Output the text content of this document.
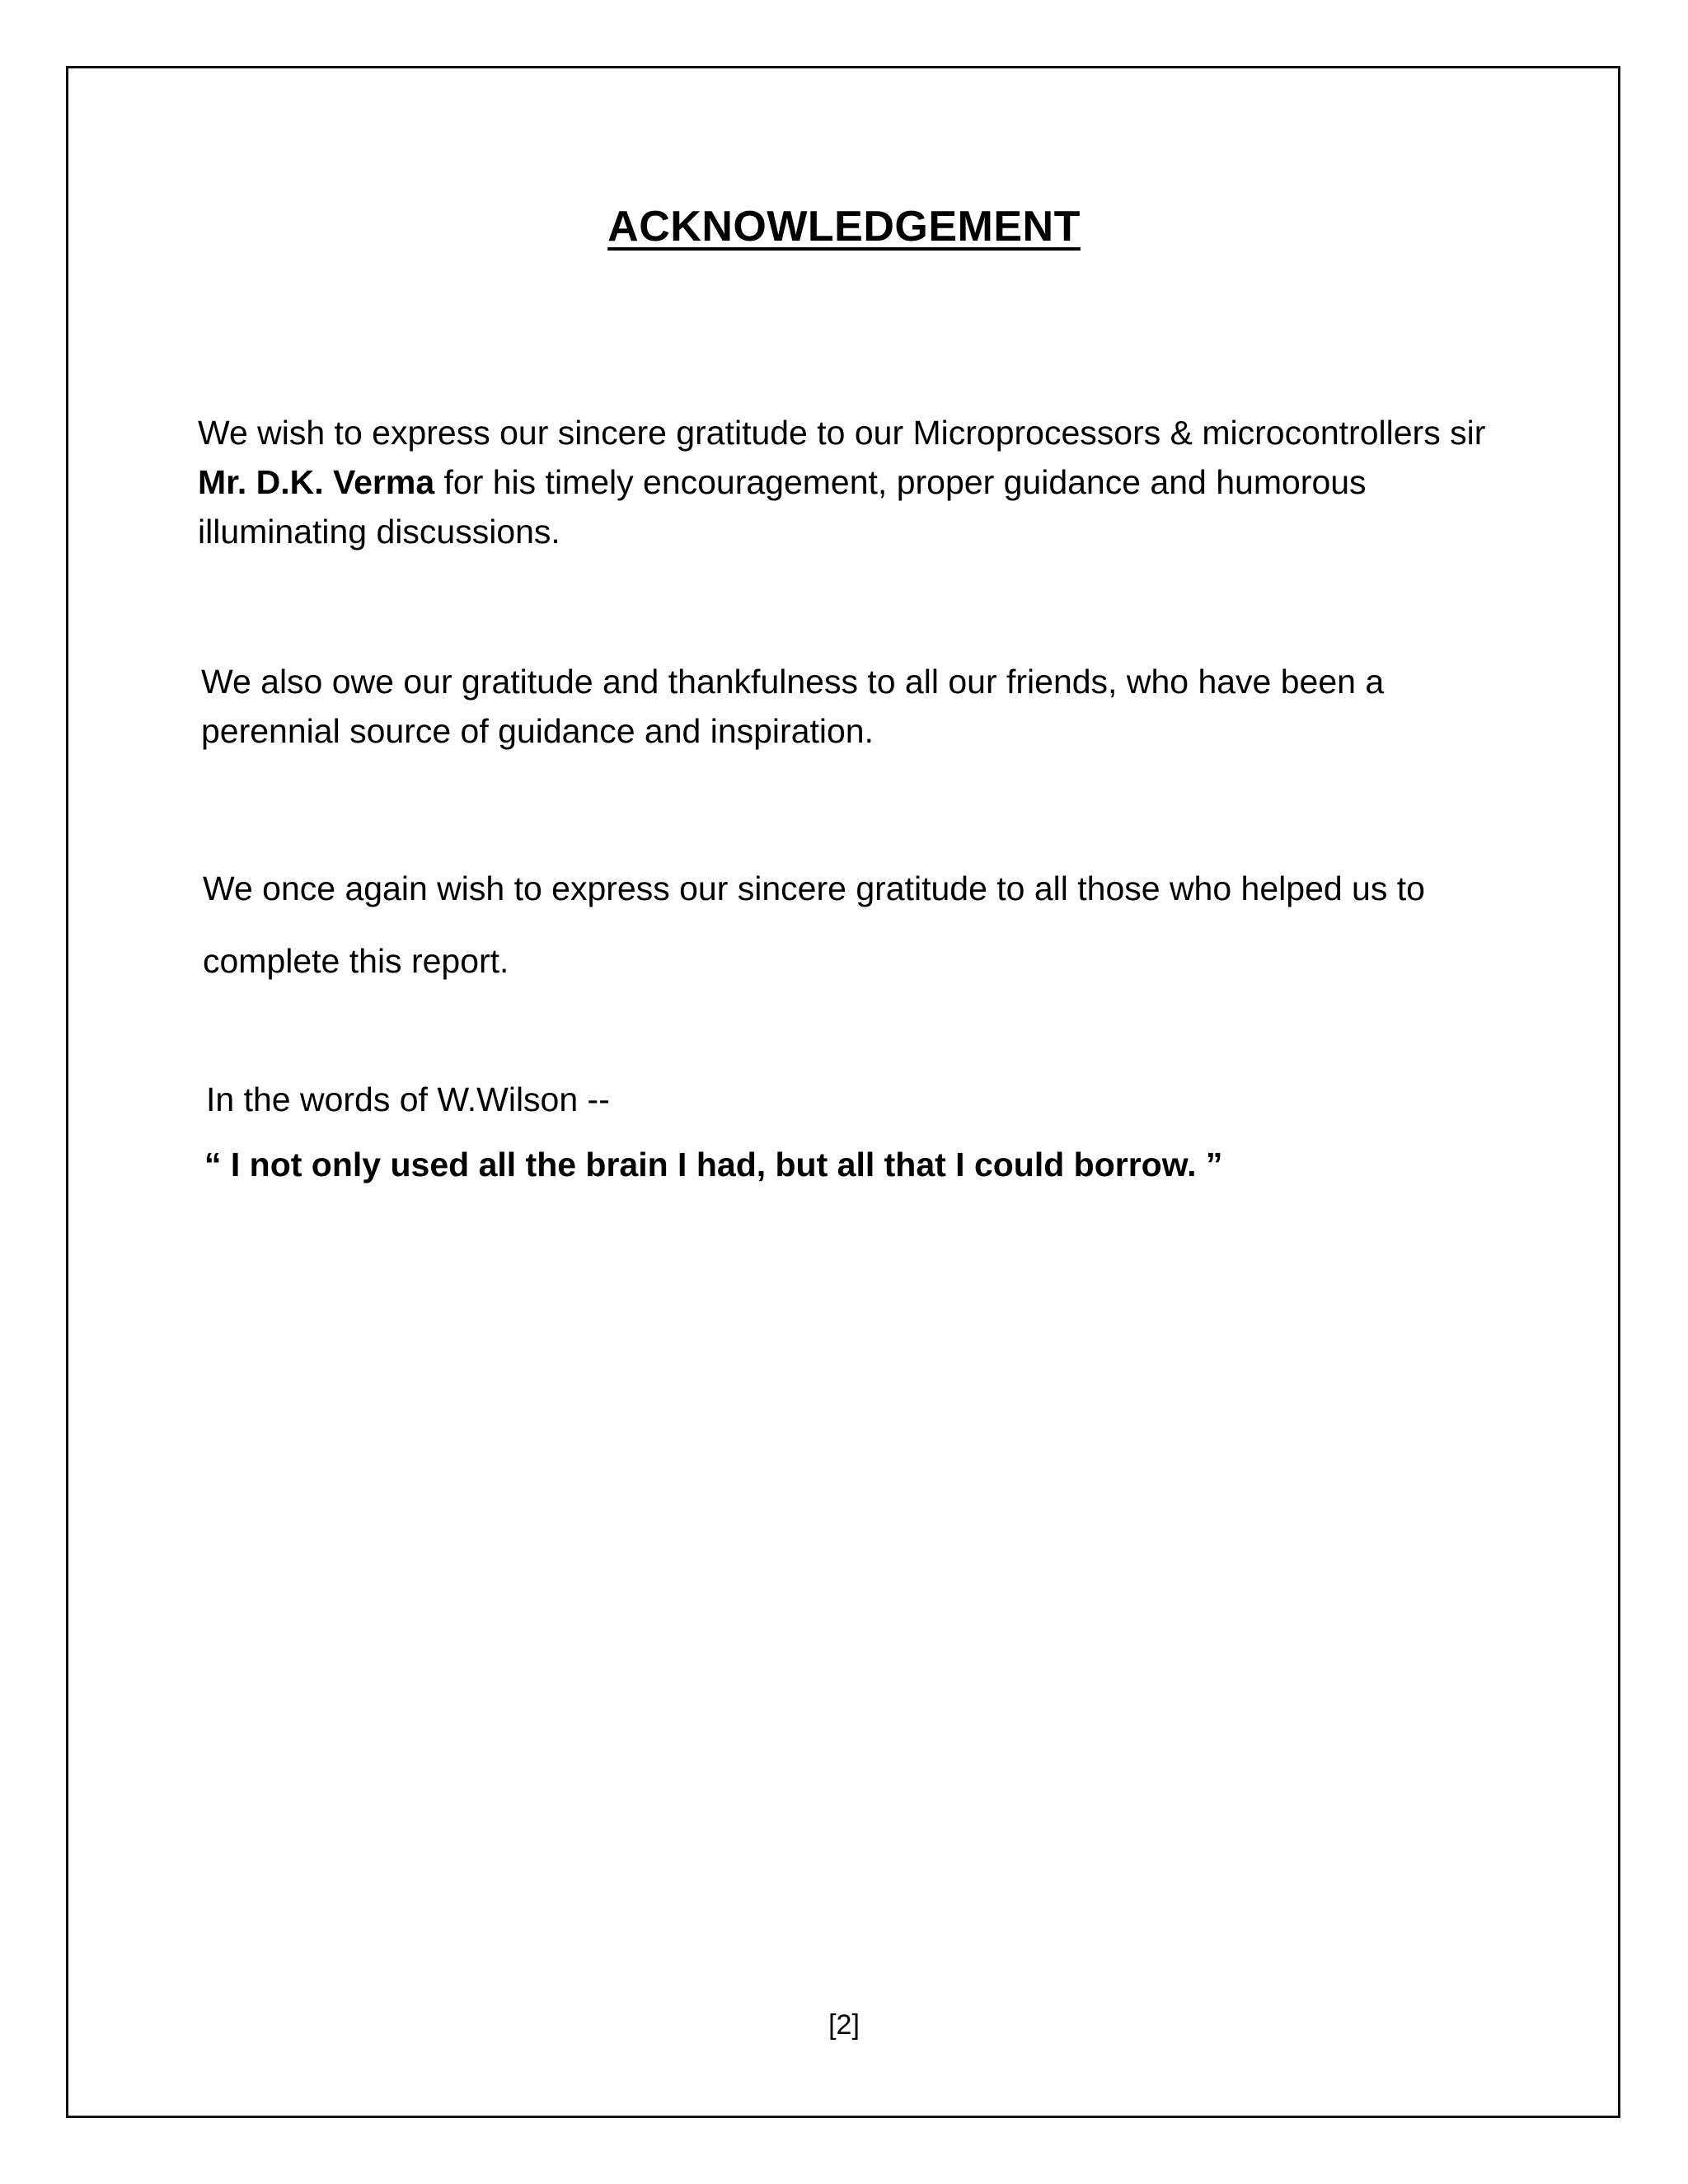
ACKNOWLEDGEMENT
We wish to express our sincere gratitude to our Microprocessors & microcontrollers sir Mr. D.K. Verma for his timely encouragement, proper guidance and humorous illuminating discussions.
We also owe our gratitude and thankfulness to all our friends, who have been a perennial source of guidance and inspiration.
We once again wish to express our sincere gratitude to all those who helped us to complete this report.
In the words of W.Wilson --
“ I not only used all the brain I had, but all that I could borrow. ”
[2]
